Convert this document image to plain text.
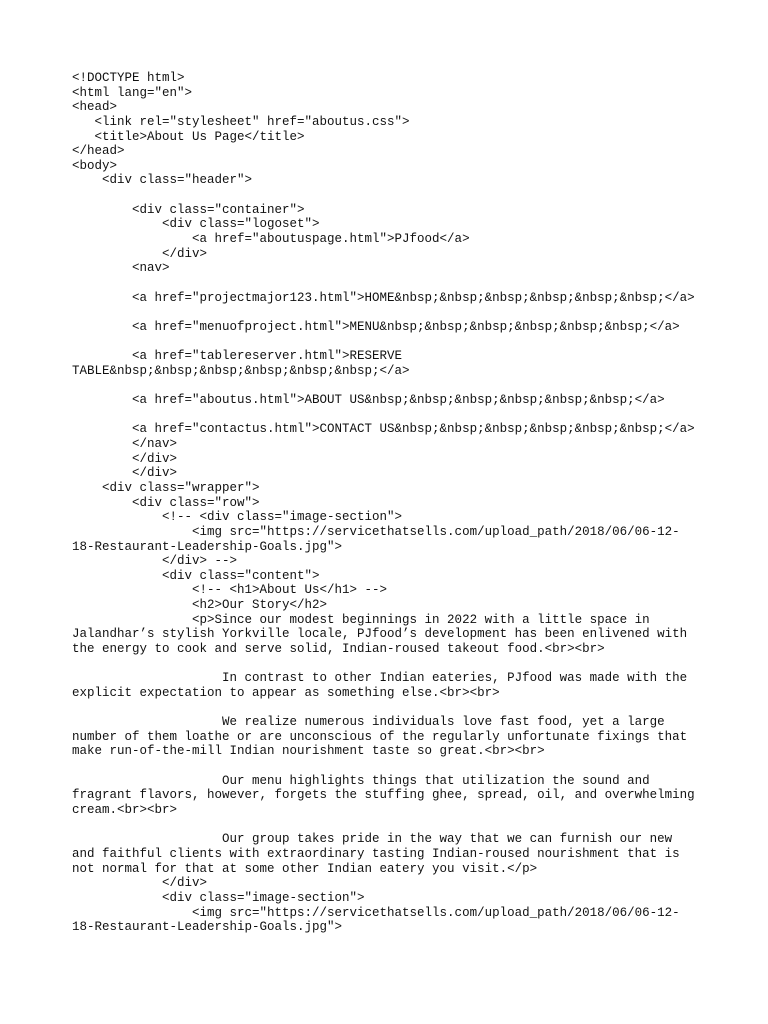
<!DOCTYPE html>
<html lang="en">
<head>
<link rel="stylesheet" href="aboutus.css">
<title>About Us Page</title>
</head>
<body>
<div class="header">
<div class="container">
<div class="logoset">
<a href="aboutuspage.html">PJfood</a>
</div>
<nav>
<a href="projectmajor123.html">HOME&nbsp;&nbsp;&nbsp;&nbsp;&nbsp;&nbsp;</a>
<a href="menuofproject.html">MENU&nbsp;&nbsp;&nbsp;&nbsp;&nbsp;&nbsp;</a>
<a href="tablereserver.html">RESERVE
TABLE&nbsp;&nbsp;&nbsp;&nbsp;&nbsp;&nbsp;</a>
<a href="aboutus.html">ABOUT US&nbsp;&nbsp;&nbsp;&nbsp;&nbsp;&nbsp;</a>
<a href="contactus.html">CONTACT US&nbsp;&nbsp;&nbsp;&nbsp;&nbsp;&nbsp;</a>
</nav>
</div>
</div>
<div class="wrapper">
<div class="row">
<!-- <div class="image-section">
<img src="https://servicethatsells.com/upload_path/2018/06/06-12-
18-Restaurant-Leadership-Goals.jpg">
</div> -->
<div class="content">
<!-- <h1>About Us</h1> -->
<h2>Our Story</h2>
<p>Since our modest beginnings in 2022 with a little space in
Jalandhar’s stylish Yorkville locale, PJfood’s development has been enlivened with
the energy to cook and serve solid, Indian-roused takeout food.<br><br>
In contrast to other Indian eateries, PJfood was made with the
explicit expectation to appear as something else.<br><br>
We realize numerous individuals love fast food, yet a large
number of them loathe or are unconscious of the regularly unfortunate fixings that
make run-of-the-mill Indian nourishment taste so great.<br><br>
Our menu highlights things that utilization the sound and
fragrant flavors, however, forgets the stuffing ghee, spread, oil, and overwhelming
cream.<br><br>
Our group takes pride in the way that we can furnish our new
and faithful clients with extraordinary tasting Indian-roused nourishment that is
not normal for that at some other Indian eatery you visit.</p>
</div>
<div class="image-section">
<img src="https://servicethatsells.com/upload_path/2018/06/06-12-
18-Restaurant-Leadership-Goals.jpg">
